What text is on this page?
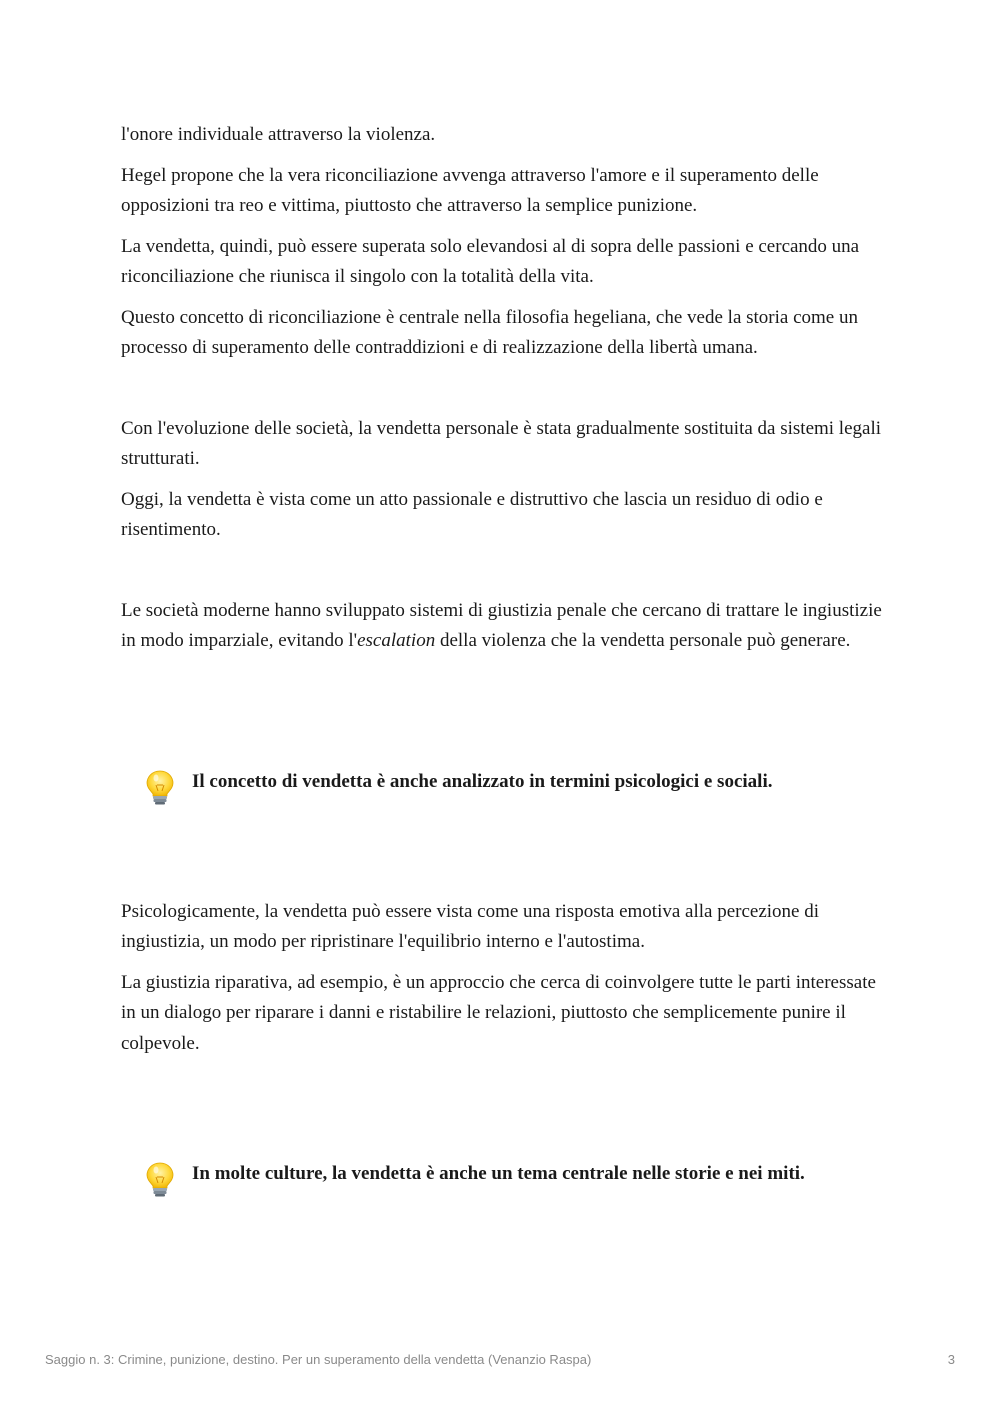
l'onore individuale attraverso la violenza.

Hegel propone che la vera riconciliazione avvenga attraverso l'amore e il superamento delle opposizioni tra reo e vittima, piuttosto che attraverso la semplice punizione.

La vendetta, quindi, può essere superata solo elevandosi al di sopra delle passioni e cercando una riconciliazione che riunisca il singolo con la totalità della vita.

Questo concetto di riconciliazione è centrale nella filosofia hegeliana, che vede la storia come un processo di superamento delle contraddizioni e di realizzazione della libertà umana.

Con l'evoluzione delle società, la vendetta personale è stata gradualmente sostituita da sistemi legali strutturati.

Oggi, la vendetta è vista come un atto passionale e distruttivo che lascia un residuo di odio e risentimento.

Le società moderne hanno sviluppato sistemi di giustizia penale che cercano di trattare le ingiustizie in modo imparziale, evitando l'escalation della violenza che la vendetta personale può generare.

Il concetto di vendetta è anche analizzato in termini psicologici e sociali.

Psicologicamente, la vendetta può essere vista come una risposta emotiva alla percezione di ingiustizia, un modo per ripristinare l'equilibrio interno e l'autostima.

La giustizia riparativa, ad esempio, è un approccio che cerca di coinvolgere tutte le parti interessate in un dialogo per riparare i danni e ristabilire le relazioni, piuttosto che semplicemente punire il colpevole.

In molte culture, la vendetta è anche un tema centrale nelle storie e nei miti.
Saggio n. 3: Crimine, punizione, destino. Per un superamento della vendetta (Venanzio Raspa)	3
